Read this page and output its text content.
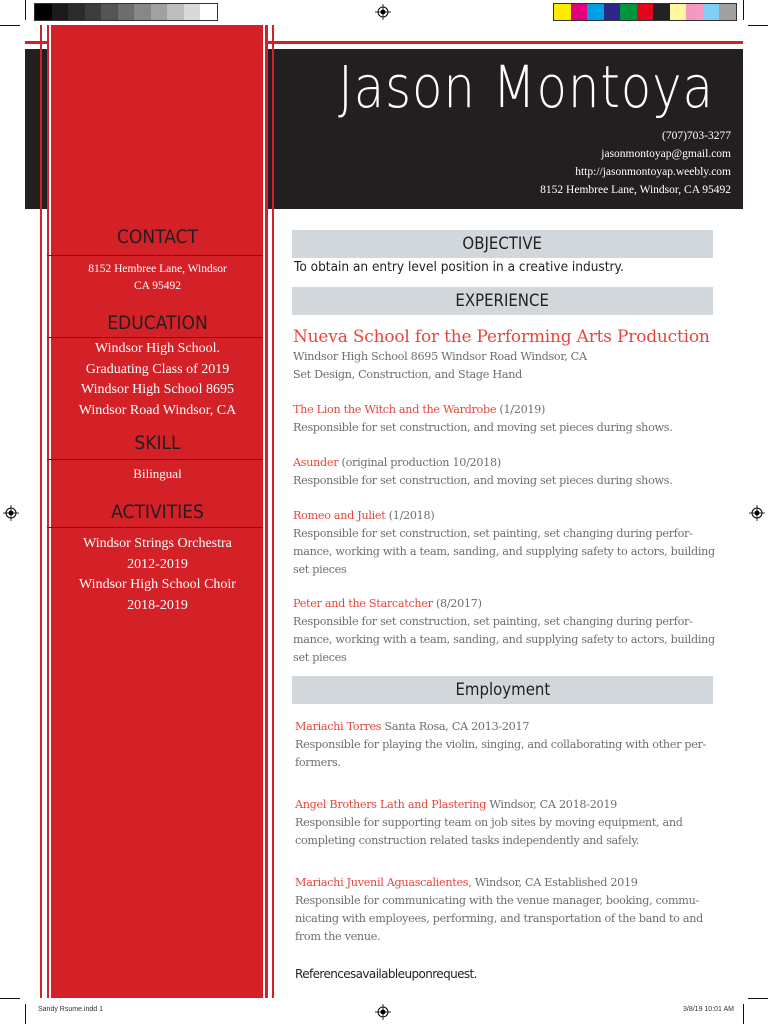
Jason Montoya
(707)703-3277
jasonmontoyap@gmail.com
http://jasonmontoyap.weebly.com
8152 Hembree Lane, Windsor, CA 95492
CONTACT
8152 Hembree Lane, Windsor
CA 95492
EDUCATION
Windsor High School.
Graduating Class of 2019
Windsor High School 8695
Windsor Road Windsor, CA
SKILL
Bilingual
ACTIVITIES
Windsor Strings Orchestra
2012-2019
Windsor High School Choir
2018-2019
OBJECTIVE
To obtain an entry level position in a creative industry.
EXPERIENCE
Nueva School for the Performing Arts Production
Windsor High School 8695 Windsor Road Windsor, CA
Set Design, Construction, and Stage Hand
The Lion the Witch and the Wardrobe (1/2019)
Responsible for set construction, and moving set pieces during shows.
Asunder (original production 10/2018)
Responsible for set construction, and moving set pieces during shows.
Romeo and Juliet (1/2018)
Responsible for set construction, set painting, set changing during perfor-
mance, working with a team, sanding, and supplying safety to actors, building
set pieces
Peter and the Starcatcher (8/2017)
Responsible for set construction, set painting, set changing during perfor-
mance, working with a team, sanding, and supplying safety to actors, building
set pieces
Employment
Mariachi Torres Santa Rosa, CA 2013-2017
Responsible for playing the violin, singing, and collaborating with other per-
formers.
Angel Brothers Lath and Plastering Windsor, CA 2018-2019
Responsible for supporting team on job sites by moving equipment, and
completing construction related tasks independently and safely.
Mariachi Juvenil Aguascalientes, Windsor, CA Established 2019
Responsible for communicating with the venue manager, booking, commu-
nicating with employees, performing, and transportation of the band to and
from the venue.
Referencesavailableuponrequest.
Sandy Rsume.indd 1	3/8/19 10:01 AM
